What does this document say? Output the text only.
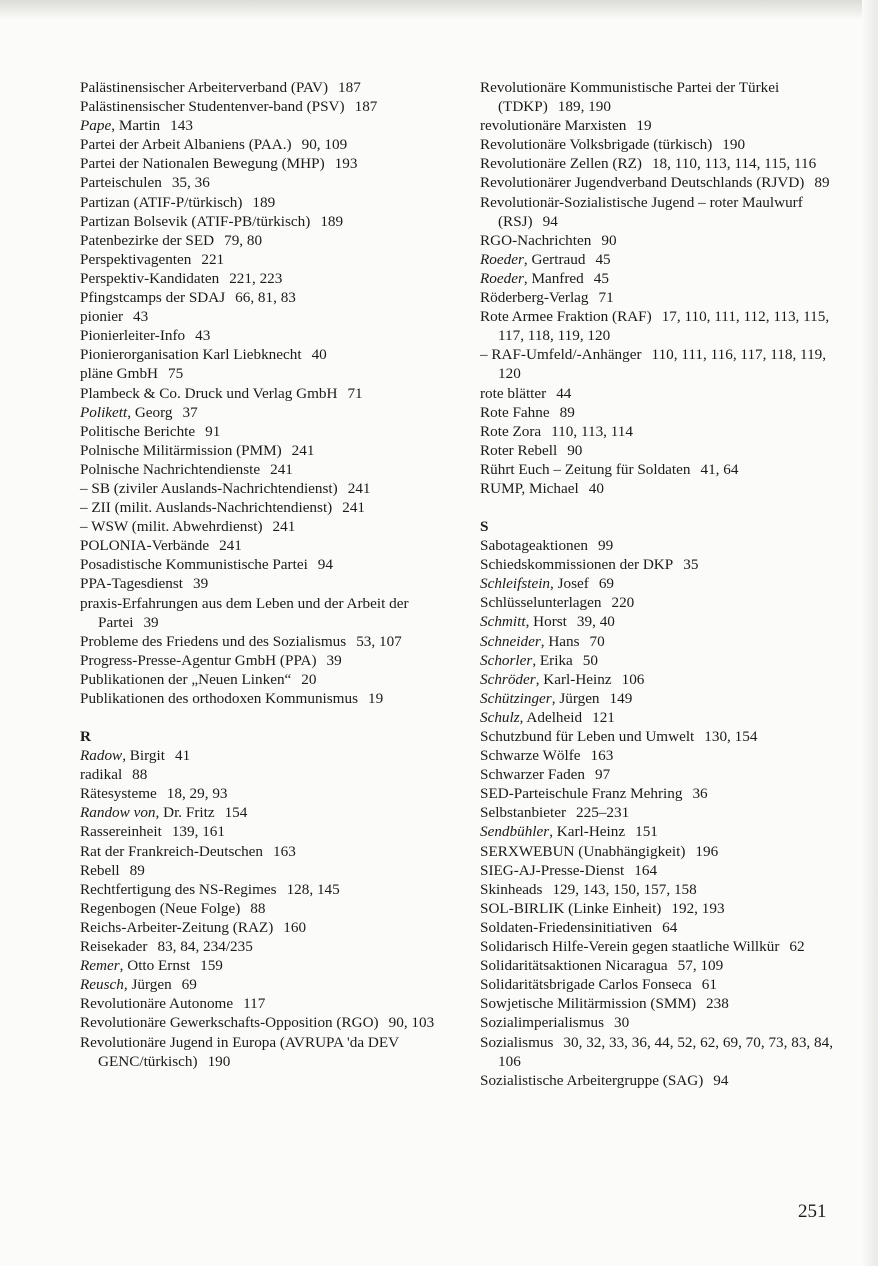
Palästinensischer Arbeiterverband (PAV) 187
Palästinensischer Studentenver-band (PSV) 187
Pape, Martin 143
Partei der Arbeit Albaniens (PAA.) 90, 109
Partei der Nationalen Bewegung (MHP) 193
Parteischulen 35, 36
Partizan (ATIF-P/türkisch) 189
Partizan Bolsevik (ATIF-PB/türkisch) 189
Patenbezirke der SED 79, 80
Perspektivagenten 221
Perspektiv-Kandidaten 221, 223
Pfingstcamps der SDAJ 66, 81, 83
pionier 43
Pionierleiter-Info 43
Pionierorganisation Karl Liebknecht 40
pläne GmbH 75
Plambeck & Co. Druck und Verlag GmbH 71
Polikett, Georg 37
Politische Berichte 91
Polnische Militärmission (PMM) 241
Polnische Nachrichtendienste 241
– SB (ziviler Auslands-Nachrichtendienst) 241
– ZII (milit. Auslands-Nachrichtendienst) 241
– WSW (milit. Abwehrdienst) 241
POLONIA-Verbände 241
Posadistische Kommunistische Partei 94
PPA-Tagesdienst 39
praxis-Erfahrungen aus dem Leben und der Arbeit der Partei 39
Probleme des Friedens und des Sozialismus 53, 107
Progress-Presse-Agentur GmbH (PPA) 39
Publikationen der „Neuen Linken“ 20
Publikationen des orthodoxen Kommunismus 19
R
Radow, Birgit 41
radikal 88
Rätesysteme 18, 29, 93
Randow von, Dr. Fritz 154
Rassereinheit 139, 161
Rat der Frankreich-Deutschen 163
Rebell 89
Rechtfertigung des NS-Regimes 128, 145
Regenbogen (Neue Folge) 88
Reichs-Arbeiter-Zeitung (RAZ) 160
Reisekader 83, 84, 234/235
Remer, Otto Ernst 159
Reusch, Jürgen 69
Revolutionäre Autonome 117
Revolutionäre Gewerkschafts-Opposition (RGO) 90, 103
Revolutionäre Jugend in Europa (AVRUPA 'da DEV GENC/türkisch) 190
Revolutionäre Kommunistische Partei der Türkei (TDKP) 189, 190
revolutionäre Marxisten 19
Revolutionäre Volksbrigade (türkisch) 190
Revolutionäre Zellen (RZ) 18, 110, 113, 114, 115, 116
Revolutionärer Jugendverband Deutschlands (RJVD) 89
Revolutionär-Sozialistische Jugend – roter Maulwurf (RSJ) 94
RGO-Nachrichten 90
Roeder, Gertraud 45
Roeder, Manfred 45
Röderberg-Verlag 71
Rote Armee Fraktion (RAF) 17, 110, 111, 112, 113, 115, 117, 118, 119, 120
– RAF-Umfeld/-Anhänger 110, 111, 116, 117, 118, 119, 120
rote blätter 44
Rote Fahne 89
Rote Zora 110, 113, 114
Roter Rebell 90
Rührt Euch – Zeitung für Soldaten 41, 64
RUMP, Michael 40
S
Sabotageaktionen 99
Schiedskommissionen der DKP 35
Schleifstein, Josef 69
Schlüsselunterlagen 220
Schmitt, Horst 39, 40
Schneider, Hans 70
Schorler, Erika 50
Schröder, Karl-Heinz 106
Schützinger, Jürgen 149
Schulz, Adelheid 121
Schutzbund für Leben und Umwelt 130, 154
Schwarze Wölfe 163
Schwarzer Faden 97
SED-Parteischule Franz Mehring 36
Selbstanbieter 225–231
Sendbühler, Karl-Heinz 151
SERXWEBUN (Unabhängigkeit) 196
SIEG-AJ-Presse-Dienst 164
Skinheads 129, 143, 150, 157, 158
SOL-BIRLIK (Linke Einheit) 192, 193
Soldaten-Friedensinitiativen 64
Solidarisch Hilfe-Verein gegen staatliche Willkür 62
Solidaritätsaktionen Nicaragua 57, 109
Solidaritätsbrigade Carlos Fonseca 61
Sowjetische Militärmission (SMM) 238
Sozialimperialismus 30
Sozialismus 30, 32, 33, 36, 44, 52, 62, 69, 70, 73, 83, 84, 106
Sozialistische Arbeitergruppe (SAG) 94
251
